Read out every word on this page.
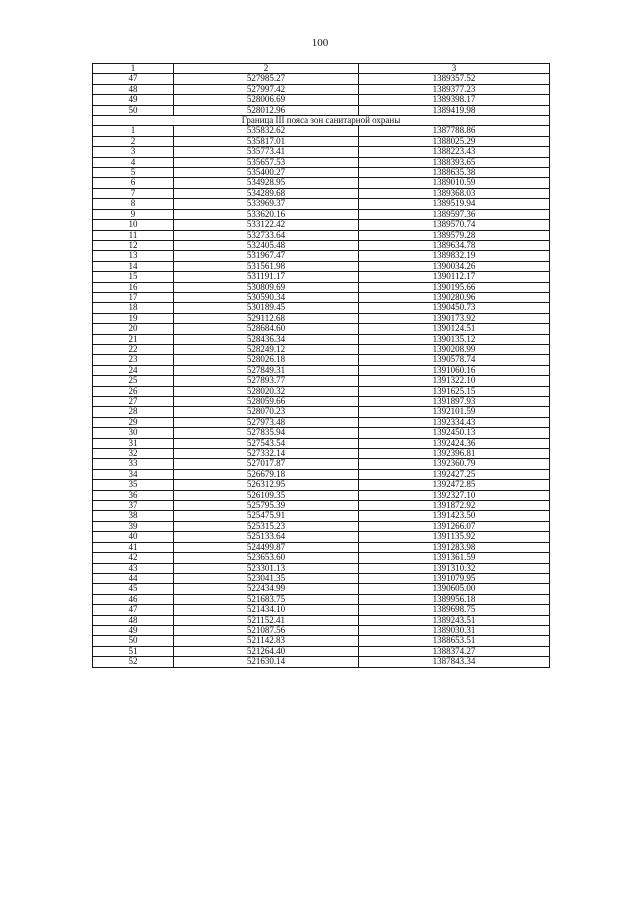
100
1	2	3
47	527985.27	1389357.52
48	527997.42	1389377.23
49	528006.69	1389398.17
50	528012.96	1389419.98
Граница III пояса зон санитарной охраны		
1	535832.62	1387788.86
2	535817.01	1388025.29
3	535773.41	1388223.43
4	535657.53	1388393.65
5	535400.27	1388635.38
6	534928.95	1389010.59
7	534289.68	1389368.03
8	533969.37	1389519.94
9	533620.16	1389597.36
10	533122.42	1389570.74
11	532733.64	1389579.28
12	532405.48	1389634.78
13	531967.47	1389832.19
14	531561.98	1390034.26
15	531191.17	1390112.17
16	530809.69	1390195.66
17	530590.34	1390280.96
18	530189.45	1390450.73
19	529112.68	1390173.92
20	528684.60	1390124.51
21	528436.34	1390135.12
22	528249.12	1390208.99
23	528026.18	1390578.74
24	527849.31	1391060.16
25	527893.77	1391322.10
26	528020.32	1391625.15
27	528059.66	1391897.93
28	528070.23	1392101.59
29	527973.48	1392334.43
30	527835.94	1392450.13
31	527543.54	1392424.36
32	527332.14	1392396.81
33	527017.87	1392360.79
34	526679.18	1392427.25
35	526312.95	1392472.85
36	526109.35	1392327.10
37	525795.39	1391872.92
38	525475.91	1391423.50
39	525315.23	1391266.07
40	525133.64	1391135.92
41	524499.87	1391283.98
42	523653.60	1391361.59
43	523301.13	1391310.32
44	523041.35	1391079.95
45	522434.99	1390605.00
46	521683.75	1389956.18
47	521434.10	1389698.75
48	521152.41	1389243.51
49	521087.56	1389030.31
50	521142.83	1388653.51
51	521264.40	1388374.27
52	521630.14	1387843.34
